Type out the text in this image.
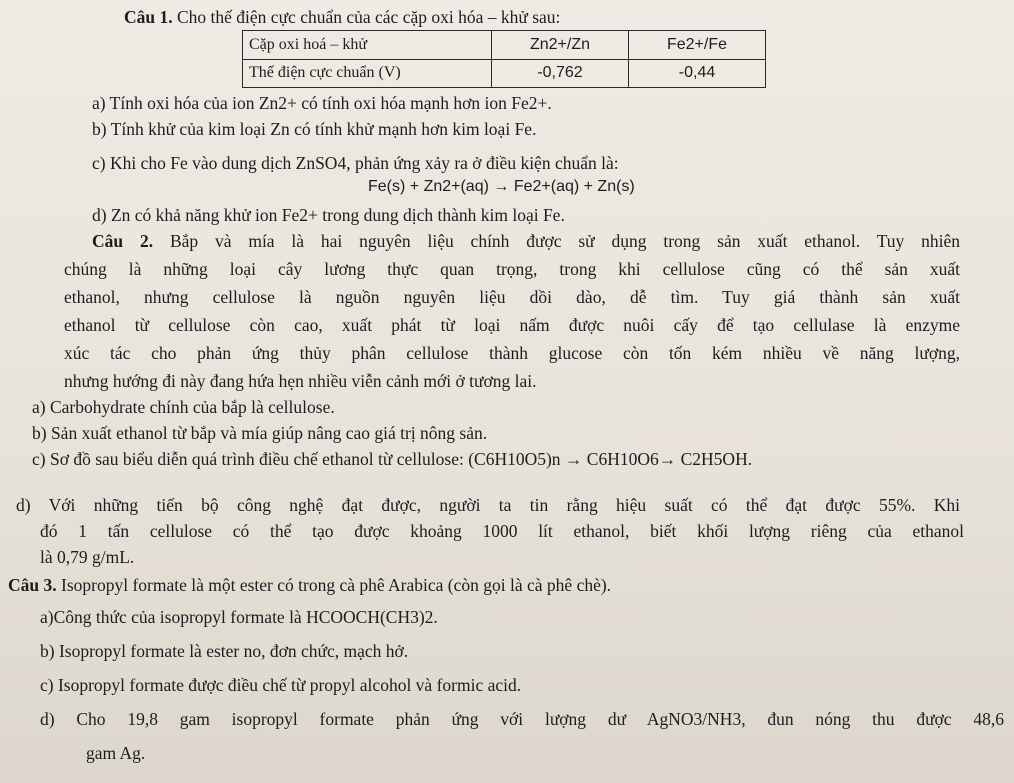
Câu 1. Cho thế điện cực chuẩn của các cặp oxi hóa – khử sau:
Cặp oxi hoá – khử	Zn2+/Zn	Fe2+/Fe
Thế điện cực chuẩn (V)	-0,762	-0,44
a) Tính oxi hóa của ion Zn2+ có tính oxi hóa mạnh hơn ion Fe2+.
b) Tính khử của kim loại Zn có tính khử mạnh hơn kim loại Fe.
c) Khi cho Fe vào dung dịch ZnSO4, phản ứng xảy ra ở điều kiện chuẩn là:
Fe(s) + Zn2+(aq) → Fe2+(aq) + Zn(s)
d) Zn có khả năng khử ion Fe2+ trong dung dịch thành kim loại Fe.
Câu 2. Bắp và mía là hai nguyên liệu chính được sử dụng trong sản xuất ethanol. Tuy nhiên
chúng là những loại cây lương thực quan trọng, trong khi cellulose cũng có thể sản xuất
ethanol, nhưng cellulose là nguồn nguyên liệu dồi dào, dễ tìm. Tuy giá thành sản xuất
ethanol từ cellulose còn cao, xuất phát từ loại nấm được nuôi cấy để tạo cellulase là enzyme
xúc tác cho phản ứng thủy phân cellulose thành glucose còn tốn kém nhiều về năng lượng,
nhưng hướng đi này đang hứa hẹn nhiều viễn cảnh mới ở tương lai.
a) Carbohydrate chính của bắp là cellulose.
b) Sản xuất ethanol từ bắp và mía giúp nâng cao giá trị nông sản.
c) Sơ đồ sau biểu diễn quá trình điều chế ethanol từ cellulose: (C6H10O5)n → C6H10O6→ C2H5OH.
d) Với những tiến bộ công nghệ đạt được, người ta tin rằng hiệu suất có thể đạt được 55%. Khi
đó 1 tấn cellulose có thể tạo được khoảng 1000 lít ethanol, biết khối lượng riêng của ethanol
là 0,79 g/mL.
Câu 3. Isopropyl formate là một ester có trong cà phê Arabica (còn gọi là cà phê chè).
a)Công thức của isopropyl formate là HCOOCH(CH3)2.
b) Isopropyl formate là ester no, đơn chức, mạch hở.
c) Isopropyl formate được điều chế từ propyl alcohol và formic acid.
d) Cho 19,8 gam isopropyl formate phản ứng với lượng dư AgNO3/NH3, đun nóng thu được 48,6
gam Ag.
